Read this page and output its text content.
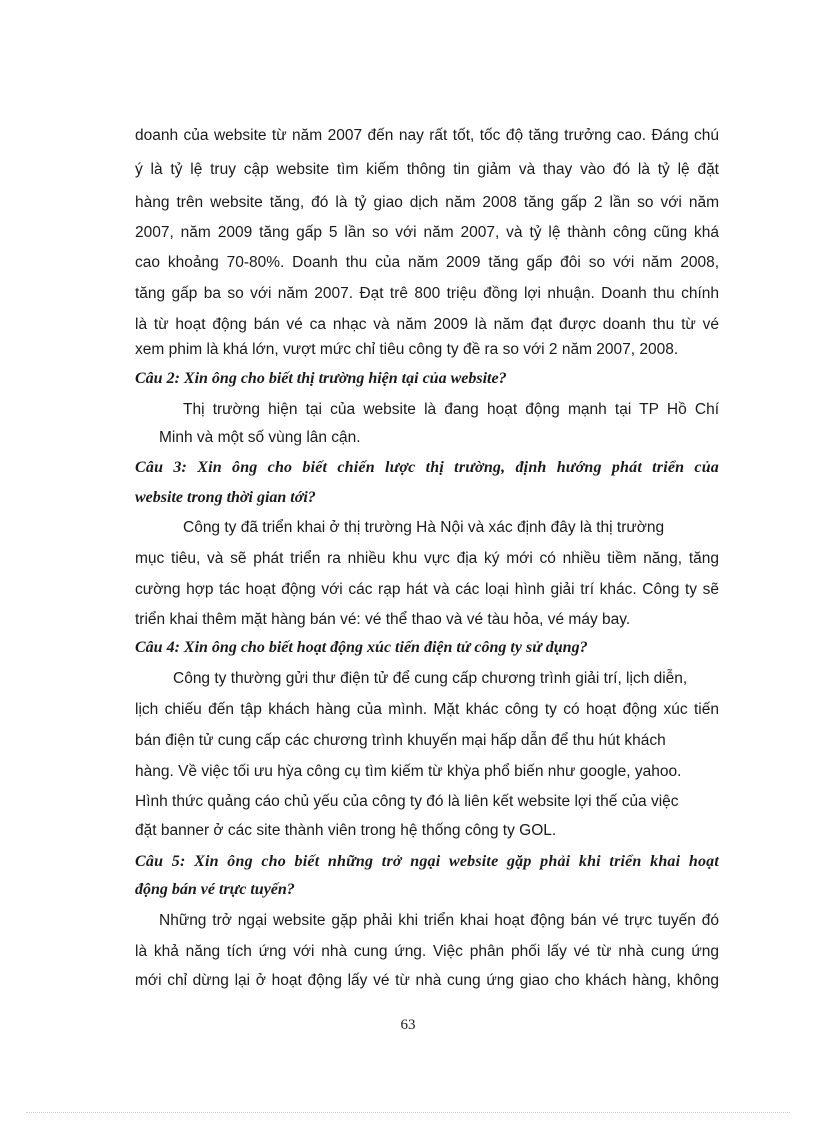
doanh của website từ năm 2007 đến nay rất tốt, tốc độ tăng trưởng cao. Đáng chú
ý là tỷ lệ truy cập website tìm kiếm thông tin giảm và thay vào đó là tỷ lệ đặt
hàng trên website tăng, đó là tỷ giao dịch năm 2008 tăng gấp 2 lần so với năm
2007, năm 2009 tăng gấp 5 lần so với năm 2007, và tỷ lệ thành công cũng khá
cao khoảng 70-80%. Doanh thu của năm 2009 tăng gấp đôi so với năm 2008,
tăng gấp ba so với năm 2007. Đạt trê 800 triệu đồng lợi nhuận. Doanh thu chính
là từ hoạt động bán vé ca nhạc và năm 2009 là năm đạt được doanh thu từ vé
xem phim là khá lớn, vượt mức chỉ tiêu công ty đề ra so với 2 năm 2007, 2008.
Câu 2: Xin ông cho biết thị trường hiện tại của website?
Thị trường hiện tại của website là đang hoạt động mạnh tại TP Hồ Chí
Minh và một số vùng lân cận.
Câu 3: Xin ông cho biết chiến lược thị trường, định hướng phát triển của
website trong thời gian tới?
Công ty đã triển khai ở thị trường Hà Nội và xác định đây là thị trường
mục tiêu, và sẽ phát triển ra nhiều khu vực địa ký mới có nhiều tiềm năng, tăng
cường hợp tác hoạt động với các rạp hát và các loại hình giải trí khác. Công ty sẽ
triển khai thêm mặt hàng bán vé: vé thể thao và vé tàu hỏa, vé máy bay.
Câu 4: Xin ông cho biết hoạt động xúc tiến điện tử công ty sử dụng?
Công ty thường gửi thư điện tử để cung cấp chương trình giải trí, lịch diễn,
lịch chiếu đến tập khách hàng của mình. Mặt khác công ty có hoạt động xúc tiến
bán điện tử cung cấp các chương trình khuyến mại hấp dẫn để thu hút khách
hàng. Về việc tối ưu hỳa công cụ tìm kiếm từ khỳa phổ biến như google, yahoo.
Hình thức quảng cáo chủ yếu của công ty đó là liên kết website lợi thế của việc
đặt banner ở các site thành viên trong hệ thống công ty GOL.
Câu 5: Xin ông cho biết những trở ngại website gặp phải khi triển khai hoạt
động bán vé trực tuyến?
Những trở ngại website gặp phải khi triển khai hoạt động bán vé trực tuyến đó
là khả năng tích ứng với nhà cung ứng. Việc phân phối lấy vé từ nhà cung ứng
mới chỉ dừng lại ở hoạt động lấy vé từ nhà cung ứng giao cho khách hàng, không
63
